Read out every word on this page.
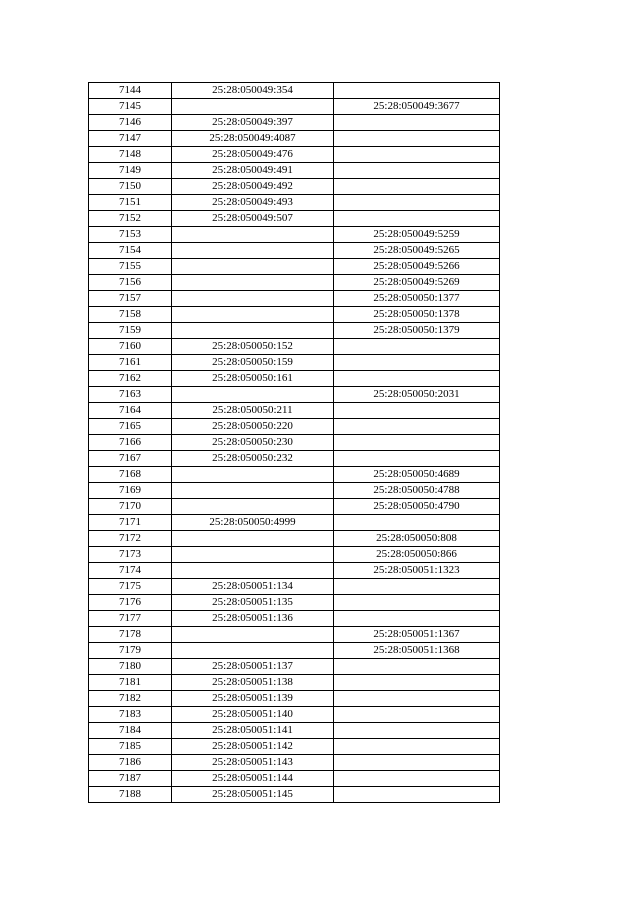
7144	25:28:050049:354	
7145		25:28:050049:3677
7146	25:28:050049:397	
7147	25:28:050049:4087	
7148	25:28:050049:476	
7149	25:28:050049:491	
7150	25:28:050049:492	
7151	25:28:050049:493	
7152	25:28:050049:507	
7153		25:28:050049:5259
7154		25:28:050049:5265
7155		25:28:050049:5266
7156		25:28:050049:5269
7157		25:28:050050:1377
7158		25:28:050050:1378
7159		25:28:050050:1379
7160	25:28:050050:152	
7161	25:28:050050:159	
7162	25:28:050050:161	
7163		25:28:050050:2031
7164	25:28:050050:211	
7165	25:28:050050:220	
7166	25:28:050050:230	
7167	25:28:050050:232	
7168		25:28:050050:4689
7169		25:28:050050:4788
7170		25:28:050050:4790
7171	25:28:050050:4999	
7172		25:28:050050:808
7173		25:28:050050:866
7174		25:28:050051:1323
7175	25:28:050051:134	
7176	25:28:050051:135	
7177	25:28:050051:136	
7178		25:28:050051:1367
7179		25:28:050051:1368
7180	25:28:050051:137	
7181	25:28:050051:138	
7182	25:28:050051:139	
7183	25:28:050051:140	
7184	25:28:050051:141	
7185	25:28:050051:142	
7186	25:28:050051:143	
7187	25:28:050051:144	
7188	25:28:050051:145	
